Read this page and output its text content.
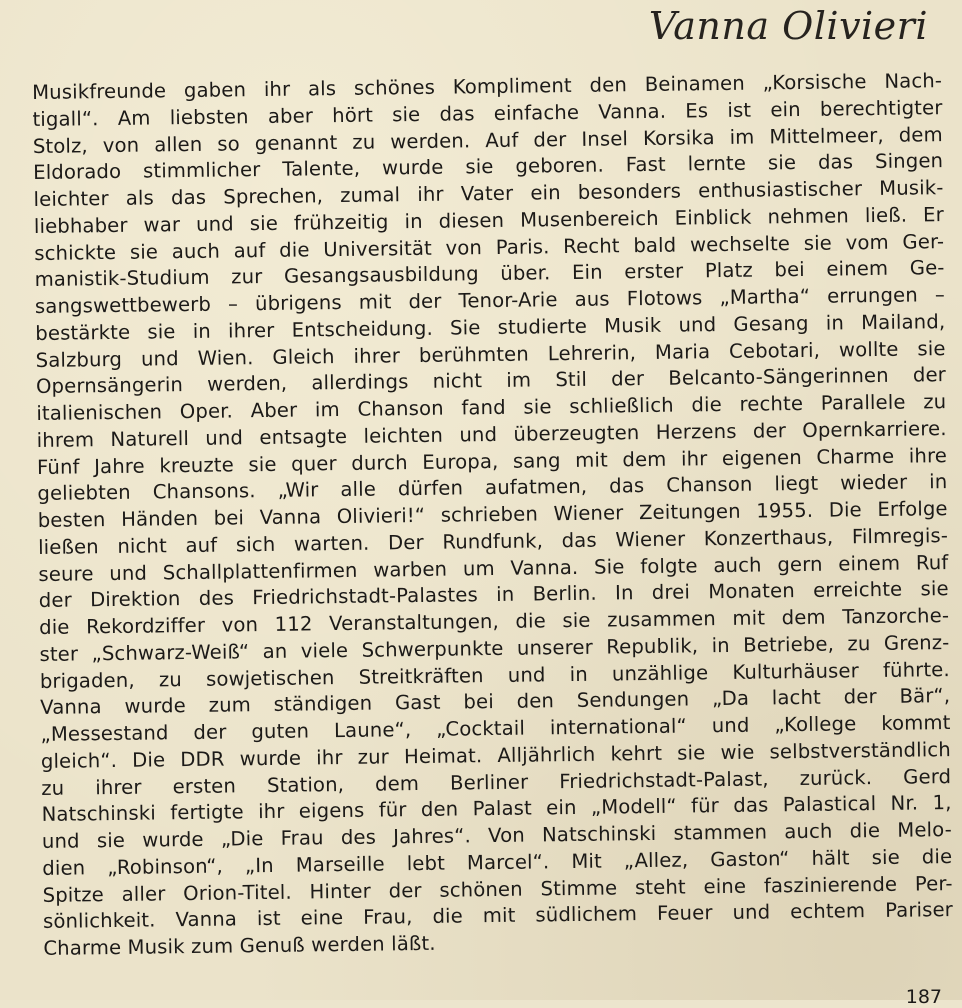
Vanna Olivieri
Musikfreunde gaben ihr als schönes Kompliment den Beinamen „Korsische Nach-
tigall“. Am liebsten aber hört sie das einfache Vanna. Es ist ein berechtigter
Stolz, von allen so genannt zu werden. Auf der Insel Korsika im Mittelmeer, dem
Eldorado stimmlicher Talente, wurde sie geboren. Fast lernte sie das Singen
leichter als das Sprechen, zumal ihr Vater ein besonders enthusiastischer Musik-
liebhaber war und sie frühzeitig in diesen Musenbereich Einblick nehmen ließ. Er
schickte sie auch auf die Universität von Paris. Recht bald wechselte sie vom Ger-
manistik-Studium zur Gesangsausbildung über. Ein erster Platz bei einem Ge-
sangswettbewerb – übrigens mit der Tenor-Arie aus Flotows „Martha“ errungen –
bestärkte sie in ihrer Entscheidung. Sie studierte Musik und Gesang in Mailand,
Salzburg und Wien. Gleich ihrer berühmten Lehrerin, Maria Cebotari, wollte sie
Opernsängerin werden, allerdings nicht im Stil der Belcanto-Sängerinnen der
italienischen Oper. Aber im Chanson fand sie schließlich die rechte Parallele zu
ihrem Naturell und entsagte leichten und überzeugten Herzens der Opernkarriere.
Fünf Jahre kreuzte sie quer durch Europa, sang mit dem ihr eigenen Charme ihre
geliebten Chansons. „Wir alle dürfen aufatmen, das Chanson liegt wieder in
besten Händen bei Vanna Olivieri!“ schrieben Wiener Zeitungen 1955. Die Erfolge
ließen nicht auf sich warten. Der Rundfunk, das Wiener Konzerthaus, Filmregis-
seure und Schallplattenfirmen warben um Vanna. Sie folgte auch gern einem Ruf
der Direktion des Friedrichstadt-Palastes in Berlin. In drei Monaten erreichte sie
die Rekordziffer von 112 Veranstaltungen, die sie zusammen mit dem Tanzorche-
ster „Schwarz-Weiß“ an viele Schwerpunkte unserer Republik, in Betriebe, zu Grenz-
brigaden, zu sowjetischen Streitkräften und in unzählige Kulturhäuser führte.
Vanna wurde zum ständigen Gast bei den Sendungen „Da lacht der Bär“,
„Messestand der guten Laune“, „Cocktail international“ und „Kollege kommt
gleich“. Die DDR wurde ihr zur Heimat. Alljährlich kehrt sie wie selbstverständlich
zu ihrer ersten Station, dem Berliner Friedrichstadt-Palast, zurück. Gerd
Natschinski fertigte ihr eigens für den Palast ein „Modell“ für das Palastical Nr. 1,
und sie wurde „Die Frau des Jahres“. Von Natschinski stammen auch die Melo-
dien „Robinson“, „In Marseille lebt Marcel“. Mit „Allez, Gaston“ hält sie die
Spitze aller Orion-Titel. Hinter der schönen Stimme steht eine faszinierende Per-
sönlichkeit. Vanna ist eine Frau, die mit südlichem Feuer und echtem Pariser
Charme Musik zum Genuß werden läßt.
187
